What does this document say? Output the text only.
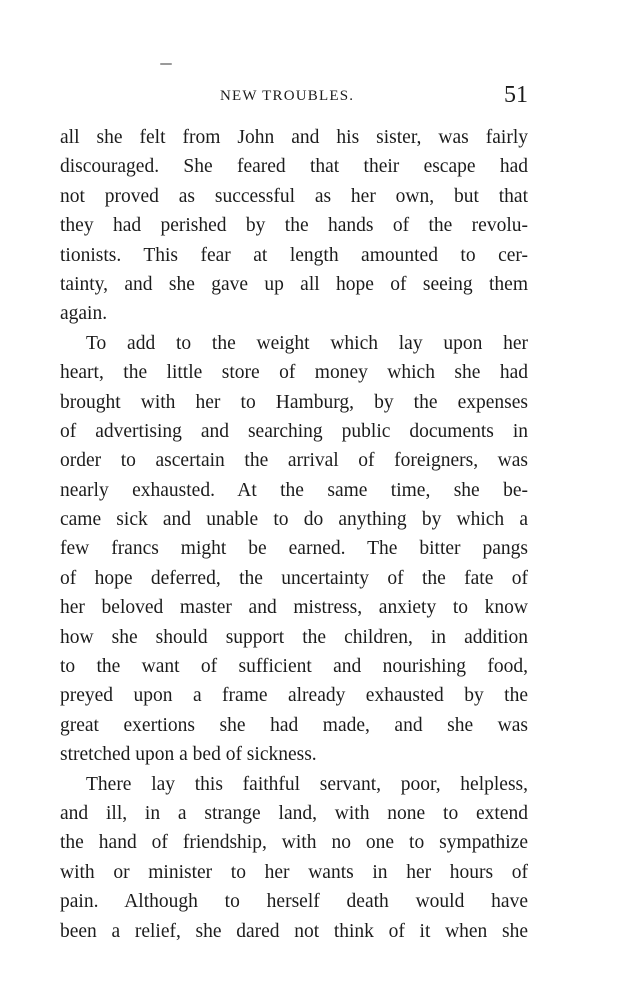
NEW TROUBLES.	51
all she felt from John and his sister, was fairly
discouraged. She feared that their escape had
not proved as successful as her own, but that
they had perished by the hands of the revolu-
tionists. This fear at length amounted to cer-
tainty, and she gave up all hope of seeing them
again.
To add to the weight which lay upon her
heart, the little store of money which she had
brought with her to Hamburg, by the expenses
of advertising and searching public documents in
order to ascertain the arrival of foreigners, was
nearly exhausted. At the same time, she be-
came sick and unable to do anything by which a
few francs might be earned. The bitter pangs
of hope deferred, the uncertainty of the fate of
her beloved master and mistress, anxiety to know
how she should support the children, in addition
to the want of sufficient and nourishing food,
preyed upon a frame already exhausted by the
great exertions she had made, and she was
stretched upon a bed of sickness.
There lay this faithful servant, poor, helpless,
and ill, in a strange land, with none to extend
the hand of friendship, with no one to sympathize
with or minister to her wants in her hours of
pain. Although to herself death would have
been a relief, she dared not think of it when she
